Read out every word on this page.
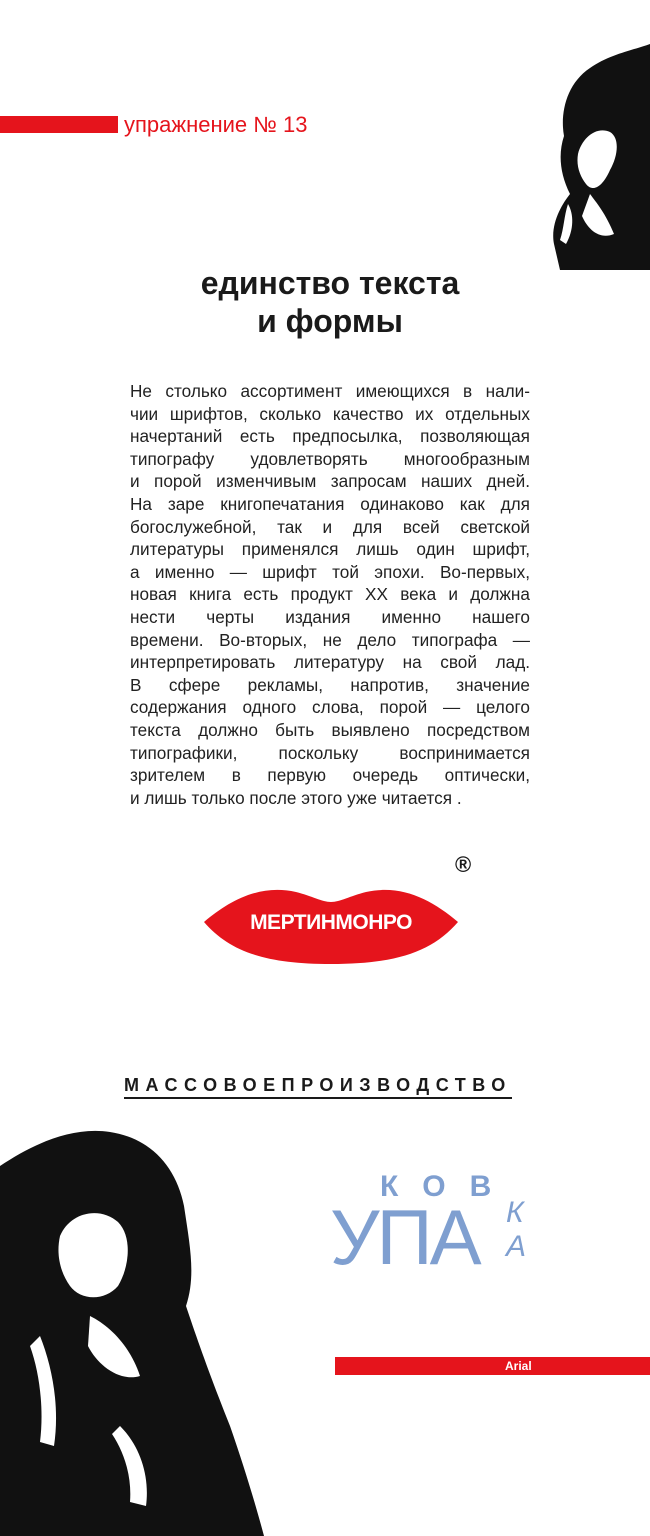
упражнение № 13
единство текста
и формы
Не столько ассортимент имеющихся в нали-
чии шрифтов, сколько качество их отдельных
начертаний есть предпосылка, позволяющая
типографу удовлетворять многообразным
и порой изменчивым запросам наших дней.
На заре книгопечатания одинаково как для
богослужебной, так и для всей светской
литературы применялся лишь один шрифт,
а именно — шрифт той эпохи. Во-первых,
новая книга есть продукт XX века и должна
нести черты издания именно нашего
времени. Во-вторых, не дело типографа —
интерпретировать литературу на свой лад.
В сфере рекламы, напротив, значение
содержания одного слова, порой — целого
текста должно быть выявлено посредством
типографики, поскольку воспринимается
зрителем в первую очередь оптически,
и лишь только после этого уже читается .
®
МЕРТИНМОНРО
МАССОВОЕПРОИЗВОДСТВО
КОВ
УПА К
А
Arial
